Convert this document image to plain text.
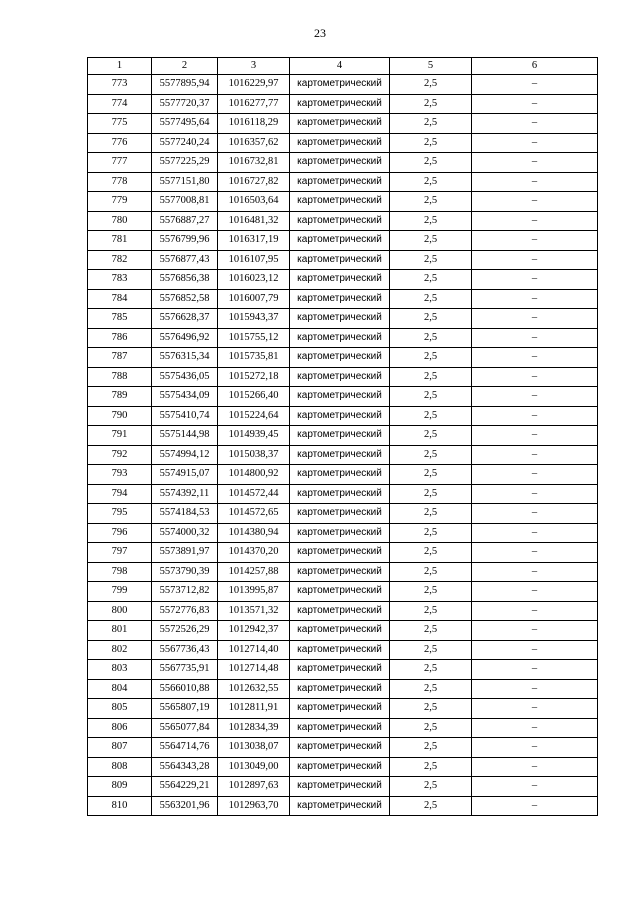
23
1	2	3	4	5	6
773	5577895,94	1016229,97	картометрический	2,5	–
774	5577720,37	1016277,77	картометрический	2,5	–
775	5577495,64	1016118,29	картометрический	2,5	–
776	5577240,24	1016357,62	картометрический	2,5	–
777	5577225,29	1016732,81	картометрический	2,5	–
778	5577151,80	1016727,82	картометрический	2,5	–
779	5577008,81	1016503,64	картометрический	2,5	–
780	5576887,27	1016481,32	картометрический	2,5	–
781	5576799,96	1016317,19	картометрический	2,5	–
782	5576877,43	1016107,95	картометрический	2,5	–
783	5576856,38	1016023,12	картометрический	2,5	–
784	5576852,58	1016007,79	картометрический	2,5	–
785	5576628,37	1015943,37	картометрический	2,5	–
786	5576496,92	1015755,12	картометрический	2,5	–
787	5576315,34	1015735,81	картометрический	2,5	–
788	5575436,05	1015272,18	картометрический	2,5	–
789	5575434,09	1015266,40	картометрический	2,5	–
790	5575410,74	1015224,64	картометрический	2,5	–
791	5575144,98	1014939,45	картометрический	2,5	–
792	5574994,12	1015038,37	картометрический	2,5	–
793	5574915,07	1014800,92	картометрический	2,5	–
794	5574392,11	1014572,44	картометрический	2,5	–
795	5574184,53	1014572,65	картометрический	2,5	–
796	5574000,32	1014380,94	картометрический	2,5	–
797	5573891,97	1014370,20	картометрический	2,5	–
798	5573790,39	1014257,88	картометрический	2,5	–
799	5573712,82	1013995,87	картометрический	2,5	–
800	5572776,83	1013571,32	картометрический	2,5	–
801	5572526,29	1012942,37	картометрический	2,5	–
802	5567736,43	1012714,40	картометрический	2,5	–
803	5567735,91	1012714,48	картометрический	2,5	–
804	5566010,88	1012632,55	картометрический	2,5	–
805	5565807,19	1012811,91	картометрический	2,5	–
806	5565077,84	1012834,39	картометрический	2,5	–
807	5564714,76	1013038,07	картометрический	2,5	–
808	5564343,28	1013049,00	картометрический	2,5	–
809	5564229,21	1012897,63	картометрический	2,5	–
810	5563201,96	1012963,70	картометрический	2,5	–
